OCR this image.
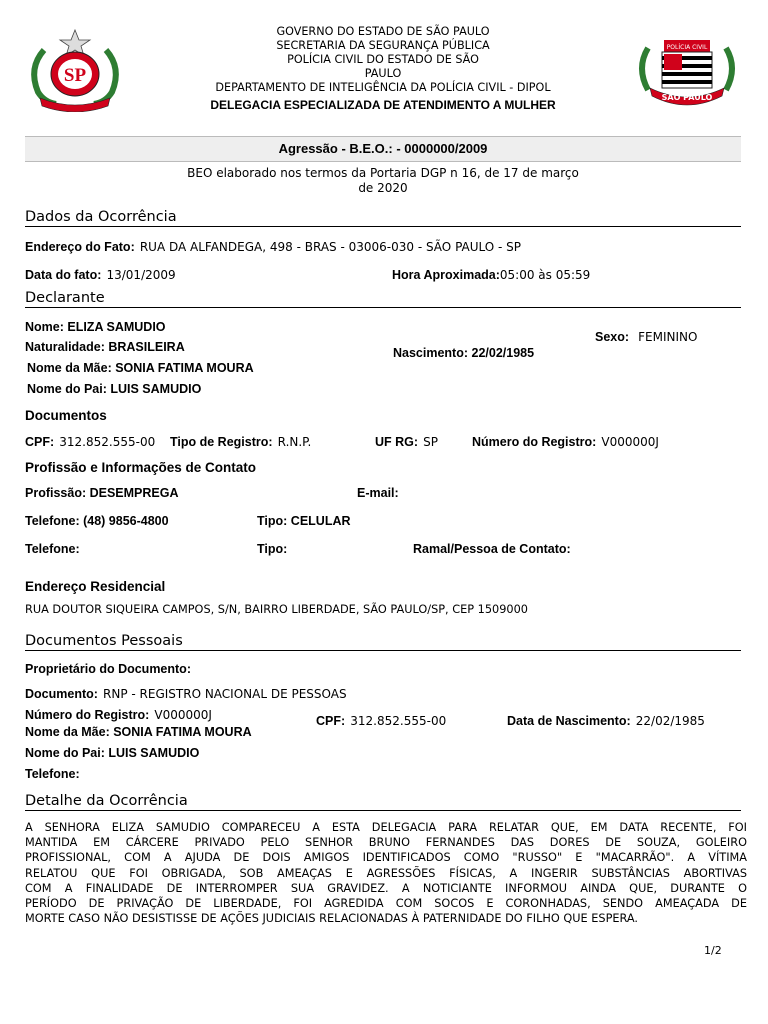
SP
POLÍCIA CIVIL
SÃO PAULO
GOVERNO DO ESTADO DE SÃO PAULO
SECRETARIA DA SEGURANÇA PÚBLICA
POLÍCIA CIVIL DO ESTADO DE SÃO
PAULO
DEPARTAMENTO DE INTELIGÊNCIA DA POLÍCIA CIVIL - DIPOL
DELEGACIA ESPECIALIZADA DE ATENDIMENTO A MULHER
Agressão - B.E.O.: - 0000000/2009
BEO elaborado nos termos da Portaria DGP n 16, de 17 de março
de 2020
Dados da Ocorrência
Endereço do Fato: RUA DA ALFANDEGA, 498 - BRAS - 03006-030 - SÃO PAULO - SP
Data do fato: 13/01/2009	Hora Aproximada:05:00 às 05:59
Declarante
Nome: ELIZA SAMUDIO
Naturalidade: BRASILEIRA
Nome da Mãe: SONIA FATIMA MOURA
Nome do Pai: LUIS SAMUDIO
Nascimento: 22/02/1985
Sexo: FEMININO
Documentos
CPF: 312.852.555-00 Tipo de Registro: R.N.P.	UF RG: SP	Número do Registro: V000000J
Profissão e Informações de Contato
Profissão: DESEMPREGA	E-mail:
Telefone: (48) 9856-4800	Tipo: CELULAR
Telefone:	Tipo:	Ramal/Pessoa de Contato:
Endereço Residencial
RUA DOUTOR SIQUEIRA CAMPOS, S/N, BAIRRO LIBERDADE, SÃO PAULO/SP, CEP 1509000
Documentos Pessoais
Proprietário do Documento:
Documento: RNP - REGISTRO NACIONAL DE PESSOAS
Número do Registro: V000000J	CPF: 312.852.555-00	Data de Nascimento: 22/02/1985
Nome da Mãe: SONIA FATIMA MOURA
Nome do Pai: LUIS SAMUDIO
Telefone:
Detalhe da Ocorrência
A SENHORA ELIZA SAMUDIO COMPARECEU A ESTA DELEGACIA PARA RELATAR QUE, EM DATA RECENTE, FOI
MANTIDA EM CÁRCERE PRIVADO PELO SENHOR BRUNO FERNANDES DAS DORES DE SOUZA, GOLEIRO
PROFISSIONAL, COM A AJUDA DE DOIS AMIGOS IDENTIFICADOS COMO "RUSSO" E "MACARRÃO". A VÍTIMA
RELATOU QUE FOI OBRIGADA, SOB AMEAÇAS E AGRESSÕES FÍSICAS, A INGERIR SUBSTÂNCIAS ABORTIVAS
COM A FINALIDADE DE INTERROMPER SUA GRAVIDEZ. A NOTICIANTE INFORMOU AINDA QUE, DURANTE O
PERÍODO DE PRIVAÇÃO DE LIBERDADE, FOI AGREDIDA COM SOCOS E CORONHADAS, SENDO AMEAÇADA DE
MORTE CASO NÃO DESISTISSE DE AÇÕES JUDICIAIS RELACIONADAS À PATERNIDADE DO FILHO QUE ESPERA.
1/2
